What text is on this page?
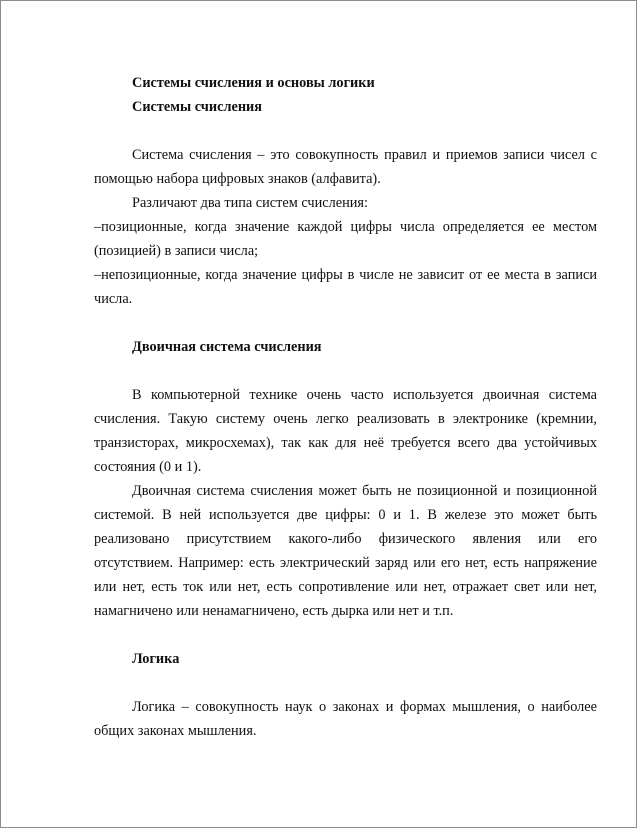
Системы счисления и основы логики
Системы счисления

Система счисления – это совокупность правил и приемов записи чисел с помощью набора цифровых знаков (алфавита).

Различают два типа систем счисления:

–позиционные, когда значение каждой цифры числа определяется ее местом (позицией) в записи числа;

–непозиционные, когда значение цифры в числе не зависит от ее места в записи числа.

Двоичная система счисления

В компьютерной технике очень часто используется двоичная система счисления. Такую систему очень легко реализовать в электронике (кремнии, транзисторах, микросхемах), так как для неё требуется всего два устойчивых состояния (0 и 1).

Двоичная система счисления может быть не позиционной и позиционной системой. В ней используется две цифры: 0 и 1. В железе это может быть реализовано присутствием какого-либо физического явления или его отсутствием. Например: есть электрический заряд или его нет, есть напряжение или нет, есть ток или нет, есть сопротивление или нет, отражает свет или нет, намагничено или ненамагничено, есть дырка или нет и т.п.

Логика

Логика – совокупность наук о законах и формах мышления, о наиболее общих законах мышления.
